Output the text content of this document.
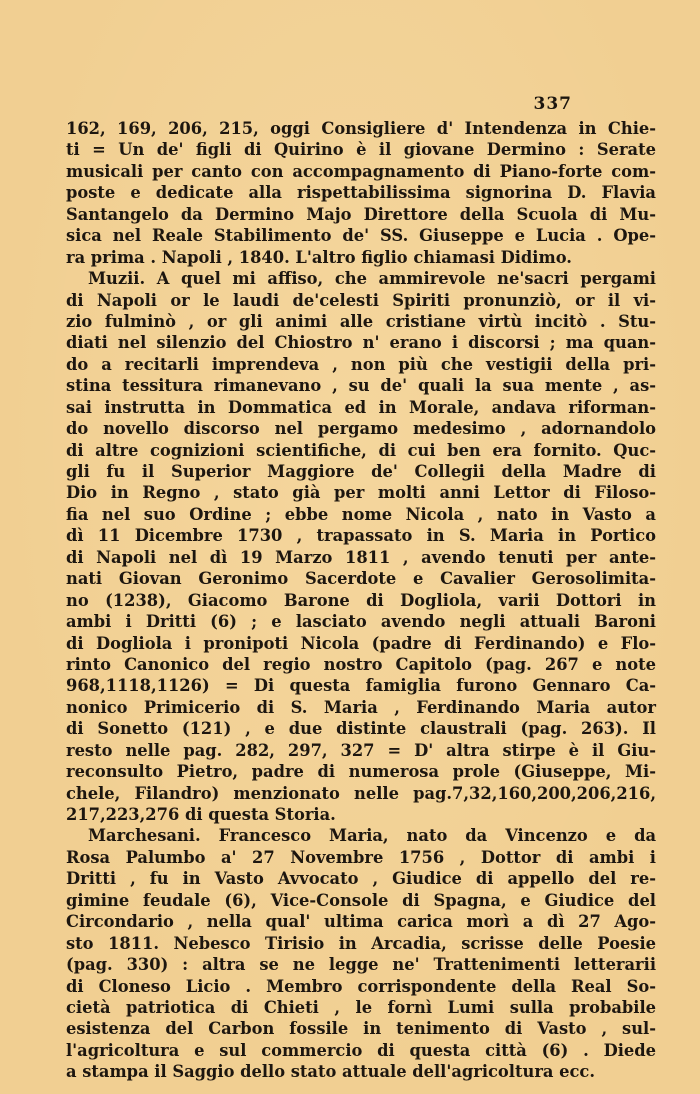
337
162, 169, 206, 215, oggi Consigliere d' Intendenza in Chie-
ti = Un de' figli di Quirino è il giovane Dermino : Serate
musicali per canto con accompagnamento di Piano-forte com-
poste e dedicate alla rispettabilissima signorina D. Flavia
Santangelo da Dermino Majo Direttore della Scuola di Mu-
sica nel Reale Stabilimento de' SS. Giuseppe e Lucia . Ope-
ra prima . Napoli , 1840. L'altro figlio chiamasi Didimo.
Muzii. A quel mi affiso, che ammirevole ne'sacri pergami
di Napoli or le laudi de'celesti Spiriti pronunziò, or il vi-
zio fulminò , or gli animi alle cristiane virtù incitò . Stu-
diati nel silenzio del Chiostro n' erano i discorsi ; ma quan-
do a recitarli imprendeva , non più che vestigii della pri-
stina tessitura rimanevano , su de' quali la sua mente , as-
sai instrutta in Dommatica ed in Morale, andava riforman-
do novello discorso nel pergamo medesimo , adornandolo
di altre cognizioni scientifiche, di cui ben era fornito. Quc-
gli fu il Superior Maggiore de' Collegii della Madre di
Dio in Regno , stato già per molti anni Lettor di Filoso-
fia nel suo Ordine ; ebbe nome Nicola , nato in Vasto a
dì 11 Dicembre 1730 , trapassato in S. Maria in Portico
di Napoli nel dì 19 Marzo 1811 , avendo tenuti per ante-
nati Giovan Geronimo Sacerdote e Cavalier Gerosolimita-
no (1238), Giacomo Barone di Dogliola, varii Dottori in
ambi i Dritti (6) ; e lasciato avendo negli attuali Baroni
di Dogliola i pronipoti Nicola (padre di Ferdinando) e Flo-
rinto Canonico del regio nostro Capitolo (pag. 267 e note
968,1118,1126) = Di questa famiglia furono Gennaro Ca-
nonico Primicerio di S. Maria , Ferdinando Maria autor
di Sonetto (121) , e due distinte claustrali (pag. 263). Il
resto nelle pag. 282, 297, 327 = D' altra stirpe è il Giu-
reconsulto Pietro, padre di numerosa prole (Giuseppe, Mi-
chele, Filandro) menzionato nelle pag.7,32,160,200,206,216,
217,223,276 di questa Storia.
Marchesani. Francesco Maria, nato da Vincenzo e da
Rosa Palumbo a' 27 Novembre 1756 , Dottor di ambi i
Dritti , fu in Vasto Avvocato , Giudice di appello del re-
gimine feudale (6), Vice-Console di Spagna, e Giudice del
Circondario , nella qual' ultima carica morì a dì 27 Ago-
sto 1811. Nebesco Tirisio in Arcadia, scrisse delle Poesie
(pag. 330) : altra se ne legge ne' Trattenimenti letterarii
di Cloneso Licio . Membro corrispondente della Real So-
cietà patriotica di Chieti , le fornì Lumi sulla probabile
esistenza del Carbon fossile in tenimento di Vasto , sul-
l'agricoltura e sul commercio di questa città (6) . Diede
a stampa il Saggio dello stato attuale dell'agricoltura ecc.
